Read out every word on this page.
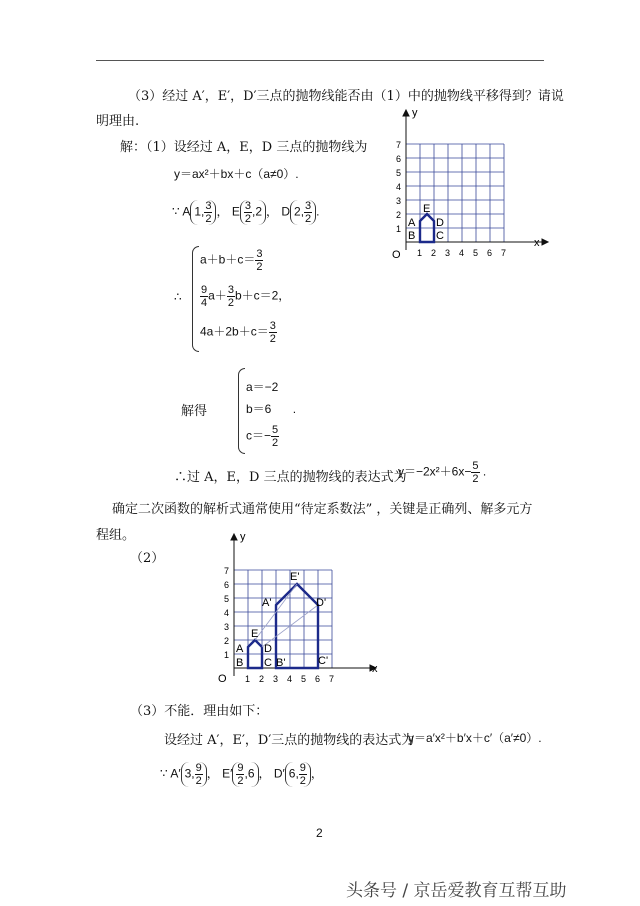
（3）经过 A′，E′，D′三点的抛物线能否由（1）中的抛物线平移得到？请说
明理由.
解：（1）设经过 A，E，D 三点的抛物线为
y＝ax²＋bx＋c（a≠0）.
∵ A 1, $\frac{3}{2}$ ， E $\frac{3}{2} ,2$ ， D 2, $\frac{3}{2}$ .
∴
$a+b+c= \frac{3}{2}$
$\frac{9}{4} a+ \frac{3}{2} b+c=2$，
$4a+2b+c= \frac{3}{2}$
解得
a＝−2
b＝6 .
$c=- \frac{5}{2}$
∴过 A，E，D 三点的抛物线的表达式为
$y=-2x^2+6x- \frac{5}{2}$ .
确定二次函数的解析式通常使用“待定系数法” ，关键是正确列、解多元方
程组。
（2）
（3）不能．理由如下：
设经过 A′，E′，D′三点的抛物线的表达式为
y＝a′x²＋b′x＋c′（a′≠0）.
∵ A′ 3, $\frac{9}{2}$ ， $E' \frac{9}{2} ,6$ ， D′ 6, $\frac{9}{2}$ ，
2
头条号 / 京岳爱教育互帮互助
x
y
O 1 2 3 4 5 6 7
1
2
3
4
5
6
7
E
A D
B C
x
y
O 1 2 3 4 5 6 7
1
2
3
4
5
6
7
E
A D
B C
E'
A'	D'
B'	C'
